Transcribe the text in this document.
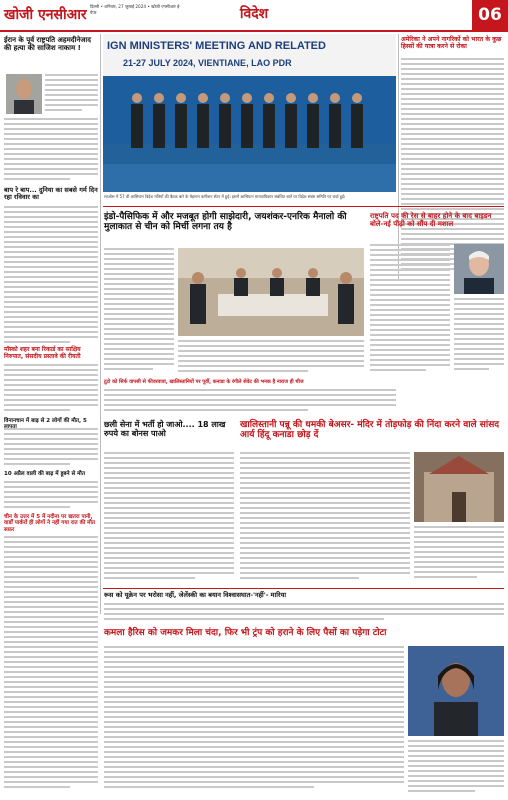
खोजी एनसीआर
दिल्ली • शनिवार, 27 जुलाई 2024 • खोजी एनसीआर ई-पेपर	विदेश	06
ईरान के पूर्व राष्ट्रपति अहमदीनेजाद की हत्या की साजिश नाकाम !
बाप रे बाप... दुनिया का सबसे गर्म दिन रहा रविवार का
मॉस्को शहर बना रिकार्ड का साक्षिय निरुपात, संसदीय प्रस्तावे की रीयती
विनानचान में बाढ़ से 2 लोगों की मौत, 5
10 अप्रैल वाली की बाढ़ में डूबने से मौत
चीन के उत्तर में 5 में नदीना पर खतरा पानी, वार्डों पार्करों ही लोगों ने नहीं गया रात की मौत सफ़र
IGN MINISTERS' MEETING AND RELATED
21-27 JULY 2024, VIENTIANE, LAO PDR
लाओस में 57 वीं आसियान विदेश मंत्रियों की बैठक बारे के मेहमान कमीशन सेंटर में हुई। इसमें आसियान मानवाधिकार संबंधित बातें पर विदेश संबंध समिति पर चर्चा हुई।
अमेरिका ने अपने नागरिकों को भारत के कुछ हिस्सों की यात्रा करने से रोका
इंडो-पैसिफिक में और मजबूत होगी साझेदारी, जयशंकर-एनरिक मैनालो की मुलाकात से चीन को मिर्ची लगना तय है
राष्ट्रपति पद की रेस से बाहर होने के बाद बाइडन बोले-नई पीढ़ी को सौंप दी मशाल
टूटो को सिर्फ वापसी से फीवरवावा, खालिस्तानियों पर पूर्वी, कनाडा के रंगीले सेवेट की भनक है नाराज ही चीज
छ्ली सेना में भर्ती हो जाओ.... 18 लाख रुपये का बोनस पाओ
खालिस्तानी पन्नू की धमकी बेअसर- मंदिर में तोड़फोड़ की निंदा करने वाले सांसद आर्य हिंदू कनाडा छोड़ दें
रूस को यूक्रेन पर भरोसा नहीं, जेलेंस्की का बयान विश्वासघात-'नहीं'- मारिया
कमला हैरिस को जमकर मिला चंदा, फिर भी ट्रंप को हराने के लिए पैसों का पड़ेगा टोटा
